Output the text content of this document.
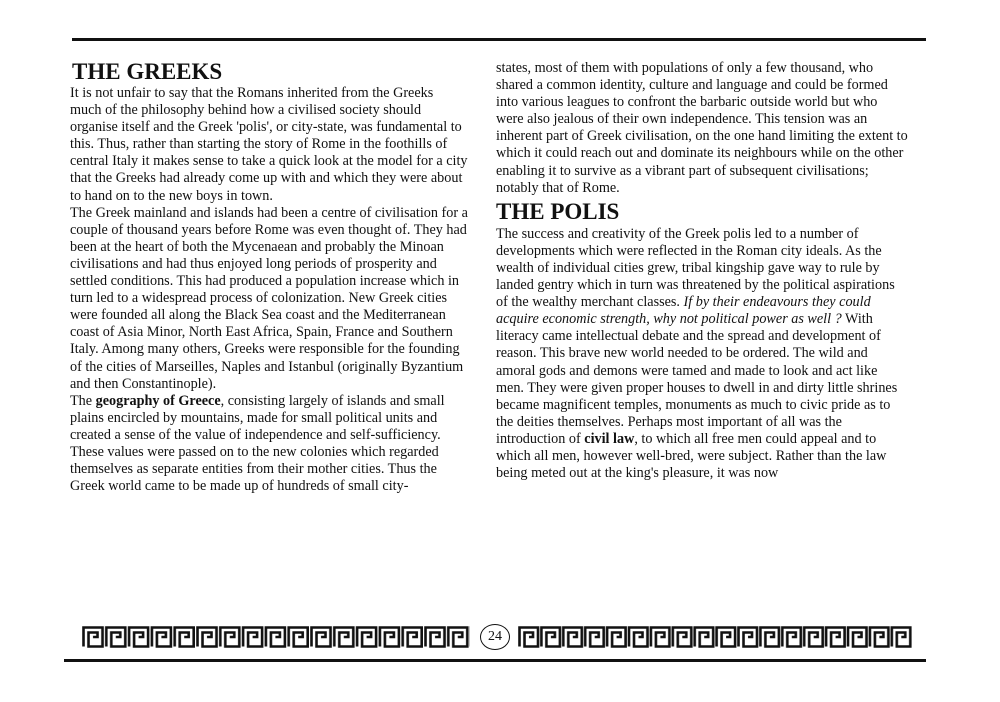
THE GREEKS

It is not unfair to say that the Romans inherited from the Greeks much of the philosophy behind how a civilised society should organise itself and the Greek 'polis', or city-state, was fundamental to this. Thus, rather than starting the story of Rome in the foothills of central Italy it makes sense to take a quick look at the model for a city that the Greeks had already come up with and which they were about to hand on to the new boys in town.

The Greek mainland and islands had been a centre of civilisation for a couple of thousand years before Rome was even thought of. They had been at the heart of both the Mycenaean and probably the Minoan civilisations and had thus enjoyed long periods of prosperity and settled conditions. This had produced a population increase which in turn led to a widespread process of colonization. New Greek cities were founded all along the Black Sea coast and the Mediterranean coast of Asia Minor, North East Africa, Spain, France and Southern Italy. Among many others, Greeks were responsible for the founding of the cities of Marseilles, Naples and Istanbul (originally Byzantium and then Constantinople).

The geography of Greece, consisting largely of islands and small plains encircled by mountains, made for small political units and created a sense of the value of independence and self-sufficiency. These values were passed on to the new colonies which regarded themselves as separate entities from their mother cities. Thus the Greek world came to be made up of hundreds of small city-

states, most of them with populations of only a few thousand, who shared a common identity, culture and language and could be formed into various leagues to confront the barbaric outside world but who were also jealous of their own independence. This tension was an inherent part of Greek civilisation, on the one hand limiting the extent to which it could reach out and dominate its neighbours while on the other enabling it to survive as a vibrant part of subsequent civilisations; notably that of Rome.

THE POLIS

The success and creativity of the Greek polis led to a number of developments which were reflected in the Roman city ideals. As the wealth of individual cities grew, tribal kingship gave way to rule by landed gentry which in turn was threatened by the political aspirations of the wealthy merchant classes. If by their endeavours they could acquire economic strength, why not political power as well ? With literacy came intellectual debate and the spread and development of reason. This brave new world needed to be ordered. The wild and amoral gods and demons were tamed and made to look and act like men. They were given proper houses to dwell in and dirty little shrines became magnificent temples, monuments as much to civic pride as to the deities themselves. Perhaps most important of all was the introduction of civil law, to which all free men could appeal and to which all men, however well-bred, were subject. Rather than the law being meted out at the king's pleasure, it was now

24
